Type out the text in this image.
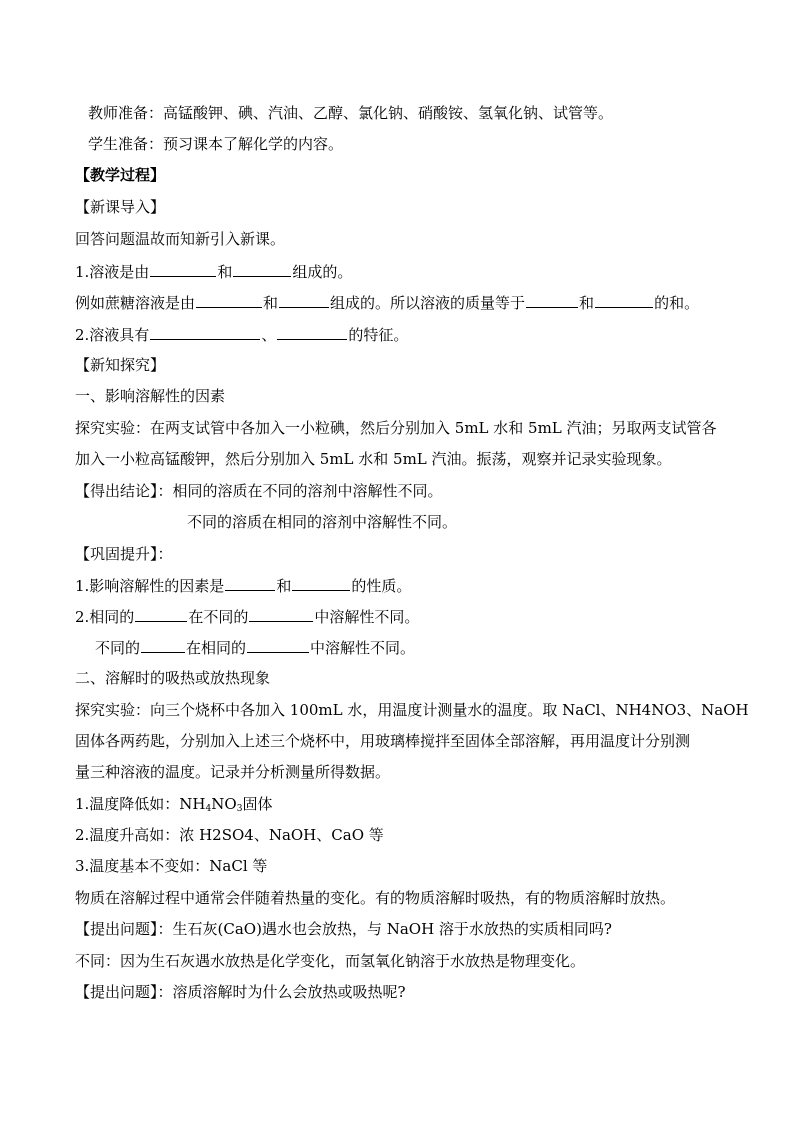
教师准备：高锰酸钾、碘、汽油、乙醇、氯化钠、硝酸铵、氢氧化钠、试管等。
学生准备：预习课本了解化学的内容。
【教学过程】
【新课导入】
回答问题温故而知新引入新课。
1.溶液是由	和	组成的。
例如蔗糖溶液是由	和	组成的。所以溶液的质量等于	和	的和。
2.溶液具有	、	的特征。
【新知探究】
一、影响溶解性的因素
探究实验：在两支试管中各加入一小粒碘，然后分别加入 5mL 水和 5mL 汽油；另取两支试管各
加入一小粒高锰酸钾，然后分别加入 5mL 水和 5mL 汽油。振荡，观察并记录实验现象。
【得出结论】：相同的溶质在不同的溶剂中溶解性不同。
不同的溶质在相同的溶剂中溶解性不同。
【巩固提升】：
1.影响溶解性的因素是	和	的性质。
2.相同的	在不同的	中溶解性不同。
不同的	在相同的	中溶解性不同。
二、溶解时的吸热或放热现象
探究实验：向三个烧杯中各加入 100mL 水，用温度计测量水的温度。取 NaCl、NH4NO3、NaOH
固体各两药匙，分别加入上述三个烧杯中，用玻璃棒搅拌至固体全部溶解，再用温度计分别测
量三种溶液的温度。记录并分析测量所得数据。
1.温度降低如：$NH_4NO_3$固体
2.温度升高如：浓 H2SO4、NaOH、CaO 等
3.温度基本不变如：NaCl 等
物质在溶解过程中通常会伴随着热量的变化。有的物质溶解时吸热，有的物质溶解时放热。
【提出问题】：生石灰(CaO)遇水也会放热，与 NaOH 溶于水放热的实质相同吗?
不同：因为生石灰遇水放热是化学变化，而氢氧化钠溶于水放热是物理变化。
【提出问题】：溶质溶解时为什么会放热或吸热呢?
